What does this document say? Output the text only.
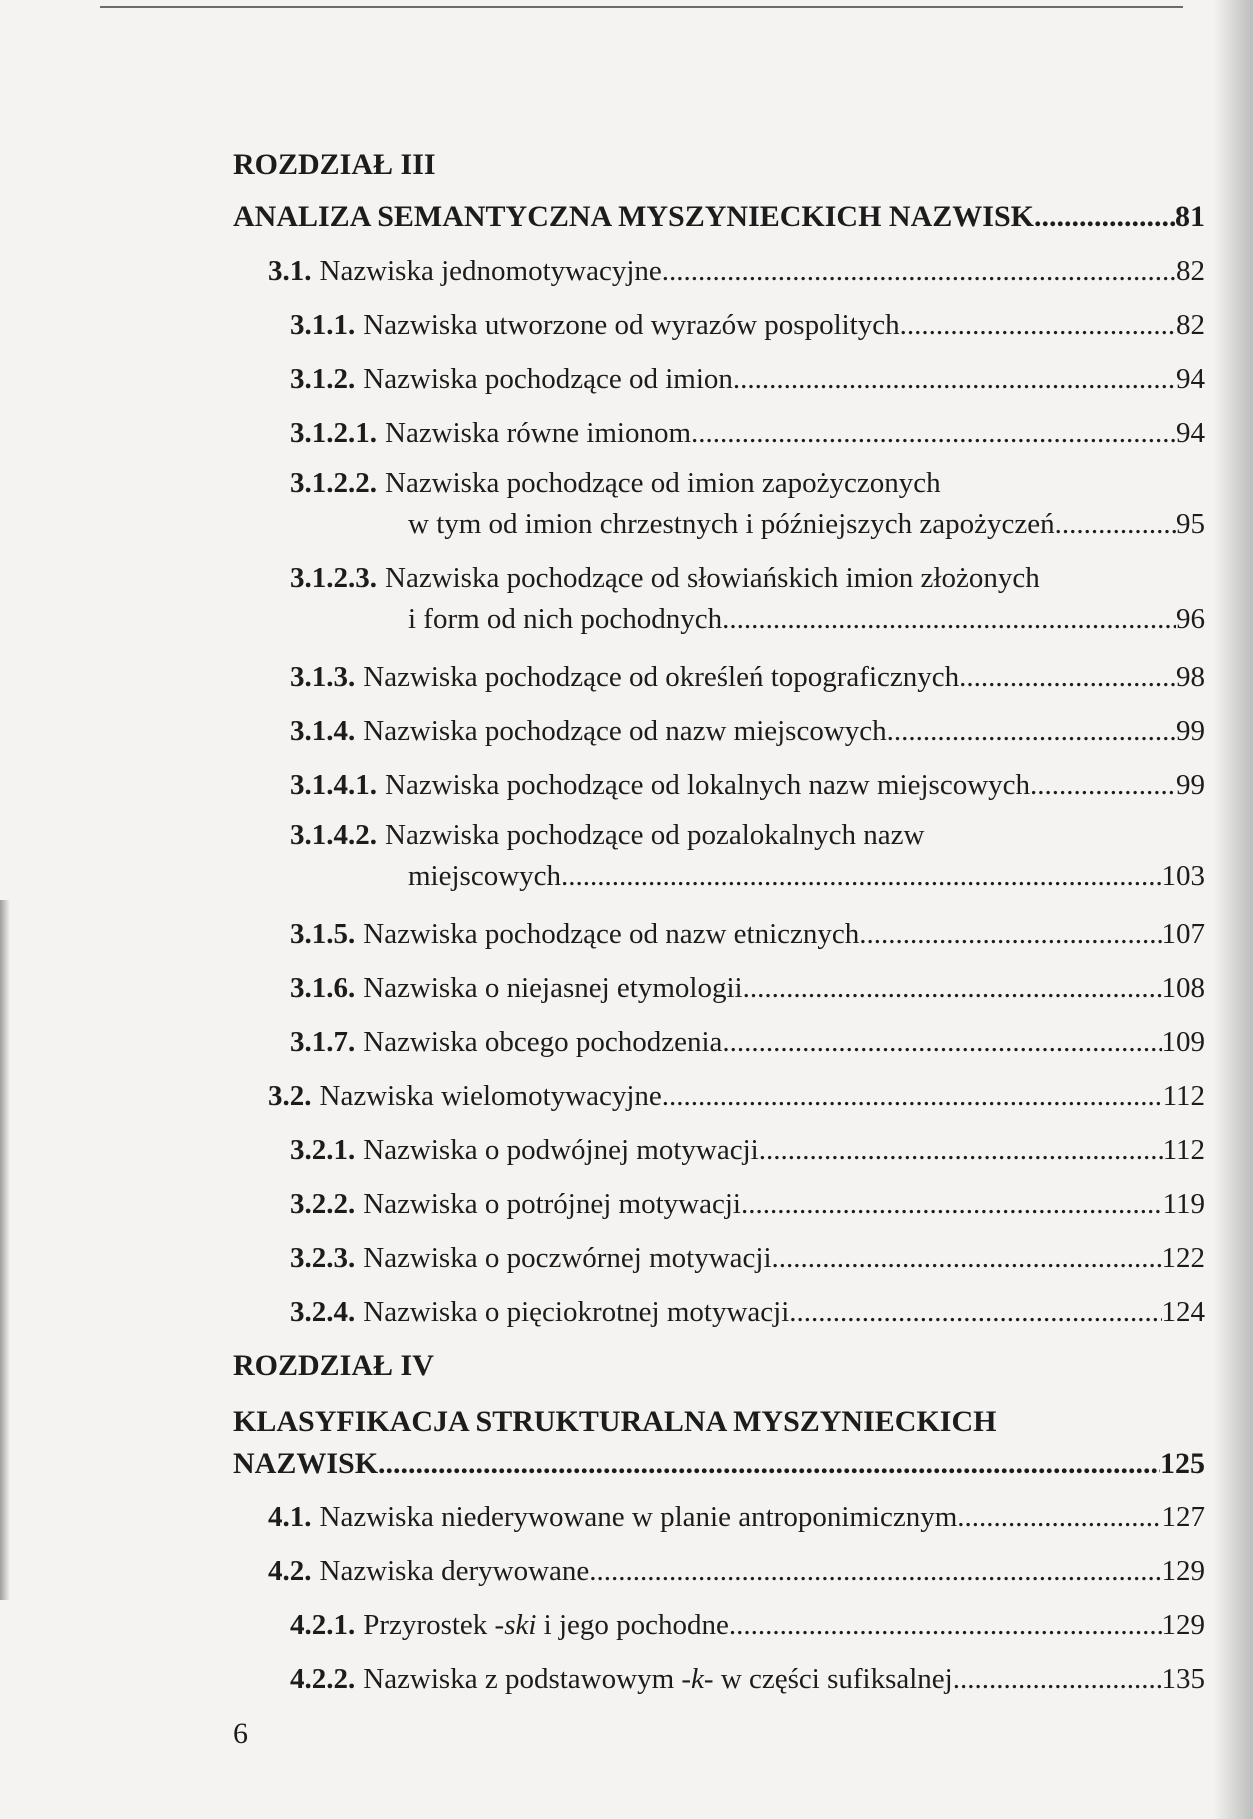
ROZDZIAŁ III
ANALIZA SEMANTYCZNA MYSZYNIECKICH NAZWISK .....	81
3.1. Nazwiska jednomotywacyjne .....	82
3.1.1. Nazwiska utworzone od wyrazów pospolitych .....	82
3.1.2. Nazwiska pochodzące od imion .....	94
3.1.2.1. Nazwiska równe imionom .....	94
3.1.2.2. Nazwiska pochodzące od imion zapożyczonych
w tym od imion chrzestnych i późniejszych zapożyczeń .....	95
3.1.2.3. Nazwiska pochodzące od słowiańskich imion złożonych
i form od nich pochodnych .....	96
3.1.3. Nazwiska pochodzące od określeń topograficznych .....	98
3.1.4. Nazwiska pochodzące od nazw miejscowych .....	99
3.1.4.1. Nazwiska pochodzące od lokalnych nazw miejscowych .....	99
3.1.4.2. Nazwiska pochodzące od pozalokalnych nazw
miejscowych .....	103
3.1.5. Nazwiska pochodzące od nazw etnicznych .....	107
3.1.6. Nazwiska o niejasnej etymologii .....	108
3.1.7. Nazwiska obcego pochodzenia .....	109
3.2. Nazwiska wielomotywacyjne .....	112
3.2.1. Nazwiska o podwójnej motywacji .....	112
3.2.2. Nazwiska o potrójnej motywacji .....	119
3.2.3. Nazwiska o poczwórnej motywacji .....	122
3.2.4. Nazwiska o pięciokrotnej motywacji .....	124
ROZDZIAŁ IV
KLASYFIKACJA STRUKTURALNA MYSZYNIECKICH
NAZWISK .....	125
4.1. Nazwiska niederywowane w planie antroponimicznym .....	127
4.2. Nazwiska derywowane .....	129
4.2.1. Przyrostek -ski i jego pochodne .....	129
4.2.2. Nazwiska z podstawowym -k- w części sufiksalnej .....	135
6
